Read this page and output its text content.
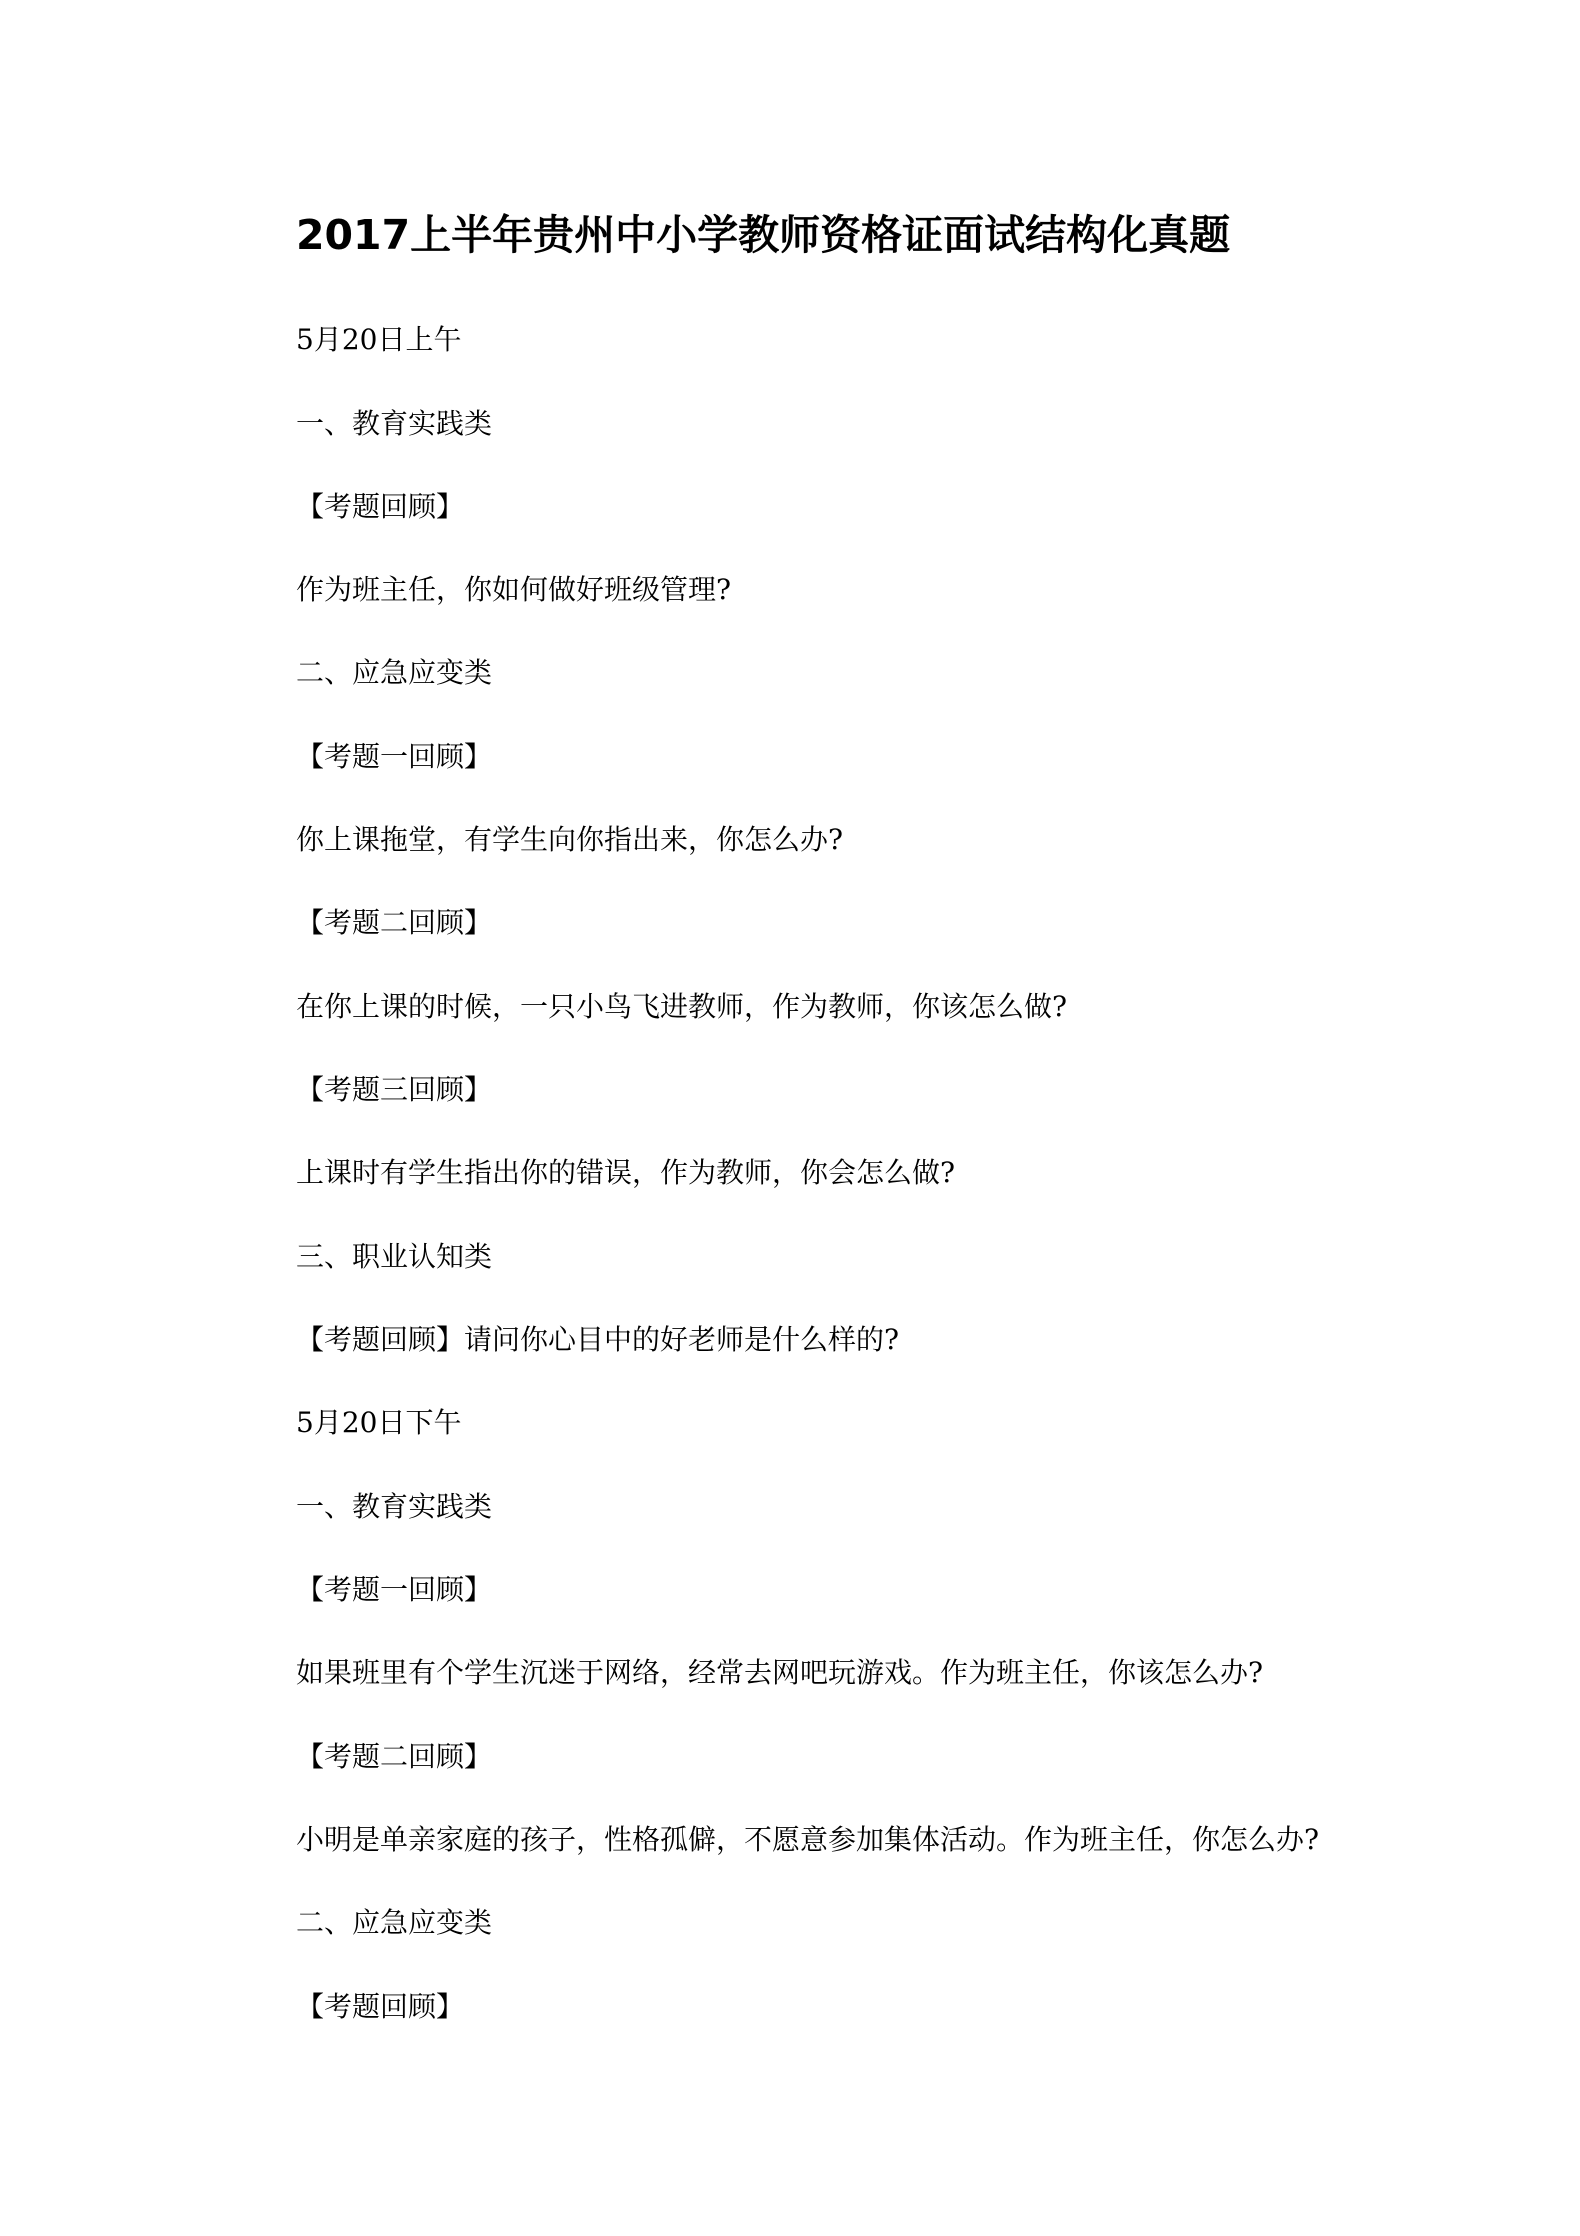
2017上半年贵州中小学教师资格证面试结构化真题

5月20日上午

一、教育实践类

【考题回顾】

作为班主任，你如何做好班级管理?

二、应急应变类

【考题一回顾】

你上课拖堂，有学生向你指出来，你怎么办?

【考题二回顾】

在你上课的时候，一只小鸟飞进教师，作为教师，你该怎么做?

【考题三回顾】

上课时有学生指出你的错误，作为教师，你会怎么做?

三、职业认知类

【考题回顾】请问你心目中的好老师是什么样的?

5月20日下午

一、教育实践类

【考题一回顾】

如果班里有个学生沉迷于网络，经常去网吧玩游戏。作为班主任，你该怎么办?

【考题二回顾】

小明是单亲家庭的孩子，性格孤僻，不愿意参加集体活动。作为班主任，你怎么办?

二、应急应变类

【考题回顾】
